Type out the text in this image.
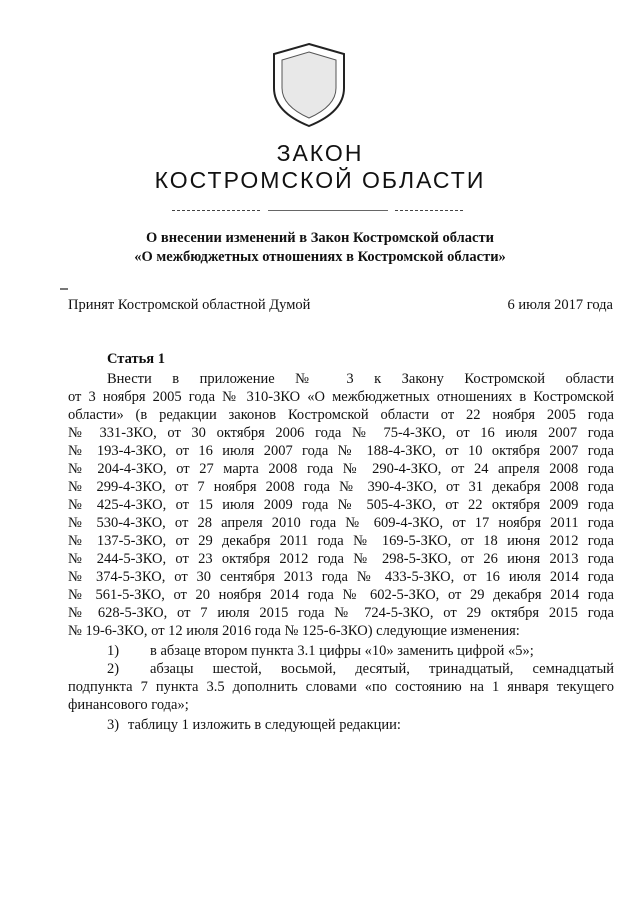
ЗАКОН
КОСТРОМСКОЙ ОБЛАСТИ
О внесении изменений в Закон Костромской области
«О межбюджетных отношениях в Костромской области»
Принят Костромской областной Думой	6 июля 2017 года
Статья 1
Внести в приложение № 3 к Закону Костромской области
от 3 ноября 2005 года № 310-ЗКО «О межбюджетных отношениях в Костромской
области» (в редакции законов Костромской области от 22 ноября 2005 года
№ 331-ЗКО, от 30 октября 2006 года № 75-4-ЗКО, от 16 июля 2007 года
№ 193-4-ЗКО, от 16 июля 2007 года № 188-4-ЗКО, от 10 октября 2007 года
№ 204-4-ЗКО, от 27 марта 2008 года № 290-4-ЗКО, от 24 апреля 2008 года
№ 299-4-ЗКО, от 7 ноября 2008 года № 390-4-ЗКО, от 31 декабря 2008 года
№ 425-4-ЗКО, от 15 июля 2009 года № 505-4-ЗКО, от 22 октября 2009 года
№ 530-4-ЗКО, от 28 апреля 2010 года № 609-4-ЗКО, от 17 ноября 2011 года
№ 137-5-ЗКО, от 29 декабря 2011 года № 169-5-ЗКО, от 18 июня 2012 года
№ 244-5-ЗКО, от 23 октября 2012 года № 298-5-ЗКО, от 26 июня 2013 года
№ 374-5-ЗКО, от 30 сентября 2013 года № 433-5-ЗКО, от 16 июля 2014 года
№ 561-5-ЗКО, от 20 ноября 2014 года № 602-5-ЗКО, от 29 декабря 2014 года
№ 628-5-ЗКО, от 7 июля 2015 года № 724-5-ЗКО, от 29 октября 2015 года
№ 19-6-ЗКО, от 12 июля 2016 года № 125-6-ЗКО) следующие изменения:
1) в абзаце втором пункта 3.1 цифры «10» заменить цифрой «5»;
2) абзацы шестой, восьмой, десятый, тринадцатый, семнадцатый
подпункта 7 пункта 3.5 дополнить словами «по состоянию на 1 января текущего
финансового года»;
3) таблицу 1 изложить в следующей редакции:
